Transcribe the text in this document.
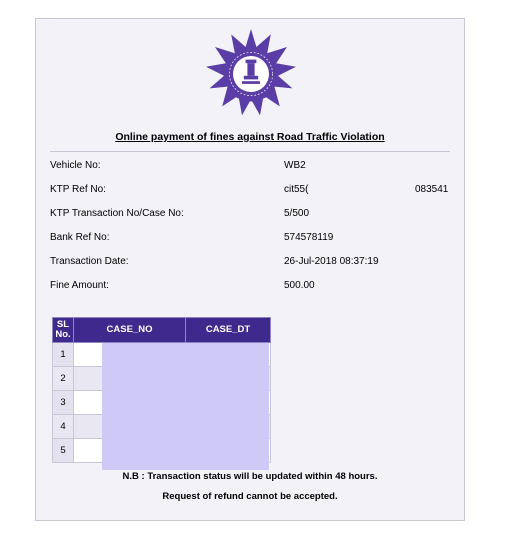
Online payment of fines against Road Traffic Violation
Vehicle No:	WB2
KTP Ref No:	cit55(	083541
KTP Transaction No/Case No:	5/500
Bank Ref No:	574578119
Transaction Date:	26-Jul-2018 08:37:19
Fine Amount:	500.00
SL No.	CASE_NO	CASE_DT
1		
2		
3		
4		
5		
N.B : Transaction status will be updated within 48 hours.
Request of refund cannot be accepted.
